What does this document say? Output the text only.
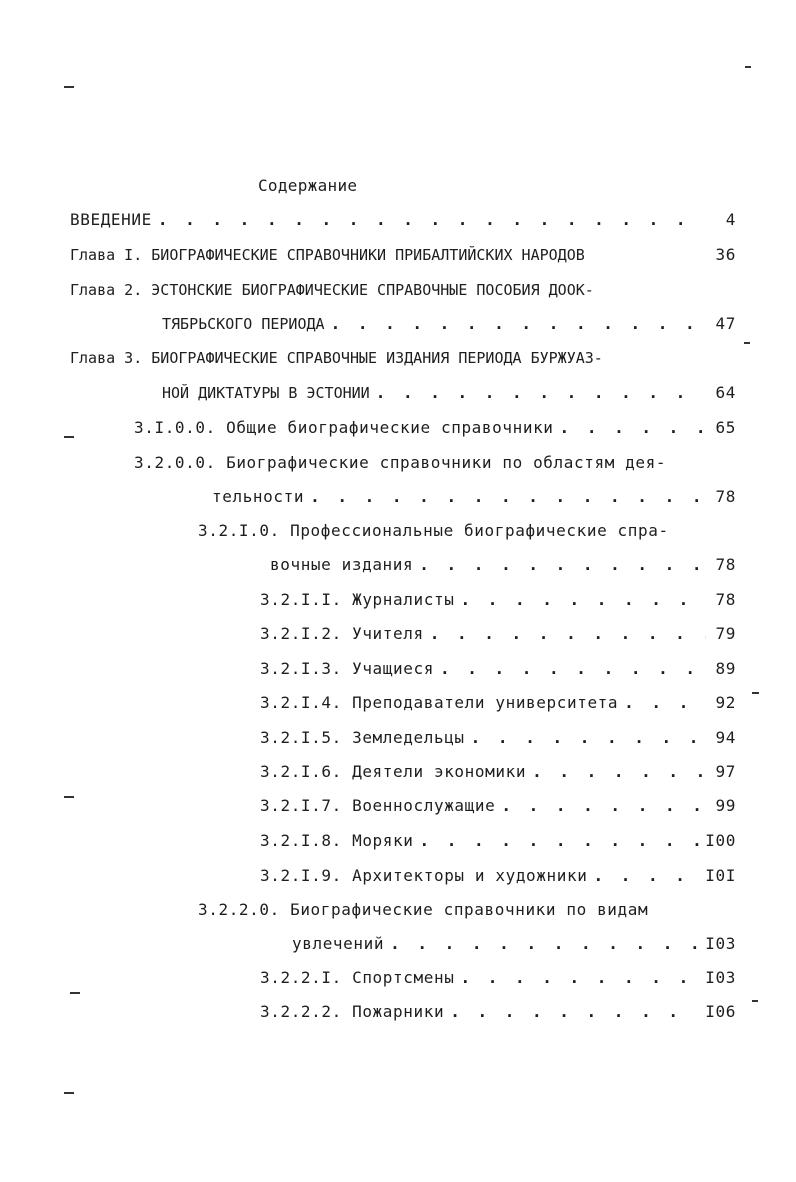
Содержание
ВВЕДЕНИЕ . . .	4
Глава I. БИОГРАФИЧЕСКИЕ СПРАВОЧНИКИ ПРИБАЛТИЙСКИХ НАРОДОВ	36
Глава 2. ЭСТОНСКИЕ БИОГРАФИЧЕСКИЕ СПРАВОЧНЫЕ ПОСОБИЯ ДООК-
ТЯБРЬСКОГО ПЕРИОДА . . .	47
Глава 3. БИОГРАФИЧЕСКИЕ СПРАВОЧНЫЕ ИЗДАНИЯ ПЕРИОДА БУРЖУАЗ-
НОЙ ДИКТАТУРЫ В ЭСТОНИИ . . .	64
3.I.0.0. Общие биографические справочники . . .	65
3.2.0.0. Биографические справочники по областям дея-
тельности . . .	78
3.2.I.0. Профессиональные биографические спра-
вочные издания . . .	78
3.2.I.I. Журналисты . . .	78
3.2.I.2. Учителя . . .	79
3.2.I.3. Учащиеся . . .	89
3.2.I.4. Преподаватели университета . . .	92
3.2.I.5. Земледельцы . . .	94
3.2.I.6. Деятели экономики . . .	97
3.2.I.7. Военнослужащие . . .	99
3.2.I.8. Моряки . . .	I00
3.2.I.9. Архитекторы и художники . . .	I0I
3.2.2.0. Биографические справочники по видам
увлечений . . .	I03
3.2.2.I. Спортсмены . . .	I03
3.2.2.2. Пожарники . . .	I06
